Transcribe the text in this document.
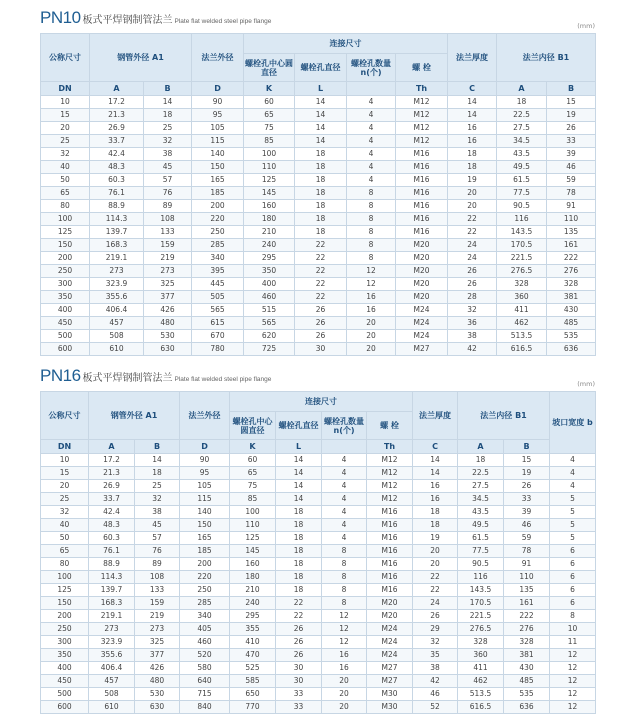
PN10 板式平焊钢制管法兰 Plate flat welded steel pipe flange
(mm)
公称尺寸	钢管外径 A1		法兰外径	连接尺寸				法兰厚度	法兰内径 B1	
				螺栓孔中心圆直径	螺栓孔直径	螺栓孔数量 n(个)	螺 栓			
DN	A	B	D	K	L		Th	C	A	B
10	17.2	14	90	60	14	4	M12	14	18	15
15	21.3	18	95	65	14	4	M12	14	22.5	19
20	26.9	25	105	75	14	4	M12	16	27.5	26
25	33.7	32	115	85	14	4	M12	16	34.5	33
32	42.4	38	140	100	18	4	M16	18	43.5	39
40	48.3	45	150	110	18	4	M16	18	49.5	46
50	60.3	57	165	125	18	4	M16	19	61.5	59
65	76.1	76	185	145	18	8	M16	20	77.5	78
80	88.9	89	200	160	18	8	M16	20	90.5	91
100	114.3	108	220	180	18	8	M16	22	116	110
125	139.7	133	250	210	18	8	M16	22	143.5	135
150	168.3	159	285	240	22	8	M20	24	170.5	161
200	219.1	219	340	295	22	8	M20	24	221.5	222
250	273	273	395	350	22	12	M20	26	276.5	276
300	323.9	325	445	400	22	12	M20	26	328	328
350	355.6	377	505	460	22	16	M20	28	360	381
400	406.4	426	565	515	26	16	M24	32	411	430
450	457	480	615	565	26	20	M24	36	462	485
500	508	530	670	620	26	20	M24	38	513.5	535
600	610	630	780	725	30	20	M27	42	616.5	636
PN16 板式平焊钢制管法兰 Plate flat welded steel pipe flange
(mm)
公称尺寸	钢管外径 A1		法兰外径	连接尺寸				法兰厚度	法兰内径 B1		坡口宽度 b
				螺栓孔中心圆直径	螺栓孔直径	螺栓孔数量 n(个)	螺 栓				
DN	A	B	D	K	L		Th	C	A	B	
10	17.2	14	90	60	14	4	M12	14	18	15	4
15	21.3	18	95	65	14	4	M12	14	22.5	19	4
20	26.9	25	105	75	14	4	M12	16	27.5	26	4
25	33.7	32	115	85	14	4	M12	16	34.5	33	5
32	42.4	38	140	100	18	4	M16	18	43.5	39	5
40	48.3	45	150	110	18	4	M16	18	49.5	46	5
50	60.3	57	165	125	18	4	M16	19	61.5	59	5
65	76.1	76	185	145	18	8	M16	20	77.5	78	6
80	88.9	89	200	160	18	8	M16	20	90.5	91	6
100	114.3	108	220	180	18	8	M16	22	116	110	6
125	139.7	133	250	210	18	8	M16	22	143.5	135	6
150	168.3	159	285	240	22	8	M20	24	170.5	161	6
200	219.1	219	340	295	22	12	M20	26	221.5	222	8
250	273	273	405	355	26	12	M24	29	276.5	276	10
300	323.9	325	460	410	26	12	M24	32	328	328	11
350	355.6	377	520	470	26	16	M24	35	360	381	12
400	406.4	426	580	525	30	16	M27	38	411	430	12
450	457	480	640	585	30	20	M27	42	462	485	12
500	508	530	715	650	33	20	M30	46	513.5	535	12
600	610	630	840	770	33	20	M30	52	616.5	636	12
